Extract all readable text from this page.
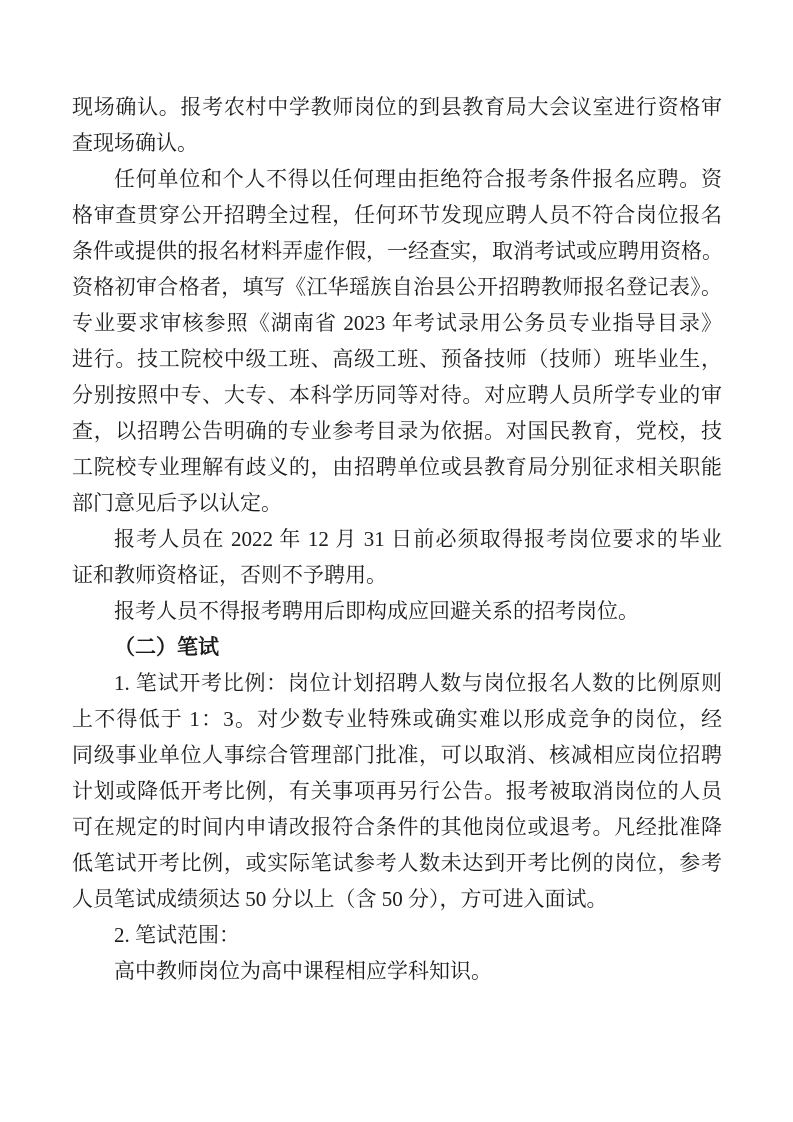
现场确认。报考农村中学教师岗位的到县教育局大会议室进行资格审
查现场确认。
任何单位和个人不得以任何理由拒绝符合报考条件报名应聘。资
格审查贯穿公开招聘全过程，任何环节发现应聘人员不符合岗位报名
条件或提供的报名材料弄虚作假，一经查实，取消考试或应聘用资格。
资格初审合格者，填写《江华瑶族自治县公开招聘教师报名登记表》。
专业要求审核参照《湖南省 2023 年考试录用公务员专业指导目录》
进行。技工院校中级工班、高级工班、预备技师（技师）班毕业生，
分别按照中专、大专、本科学历同等对待。对应聘人员所学专业的审
查，以招聘公告明确的专业参考目录为依据。对国民教育，党校，技
工院校专业理解有歧义的，由招聘单位或县教育局分别征求相关职能
部门意见后予以认定。
报考人员在 2022 年 12 月 31 日前必须取得报考岗位要求的毕业
证和教师资格证，否则不予聘用。
报考人员不得报考聘用后即构成应回避关系的招考岗位。
（二）笔试
1. 笔试开考比例：岗位计划招聘人数与岗位报名人数的比例原则
上不得低于 1：3。对少数专业特殊或确实难以形成竞争的岗位，经
同级事业单位人事综合管理部门批准，可以取消、核减相应岗位招聘
计划或降低开考比例，有关事项再另行公告。报考被取消岗位的人员
可在规定的时间内申请改报符合条件的其他岗位或退考。凡经批准降
低笔试开考比例，或实际笔试参考人数未达到开考比例的岗位，参考
人员笔试成绩须达 50 分以上（含 50 分），方可进入面试。
2. 笔试范围：
高中教师岗位为高中课程相应学科知识。
